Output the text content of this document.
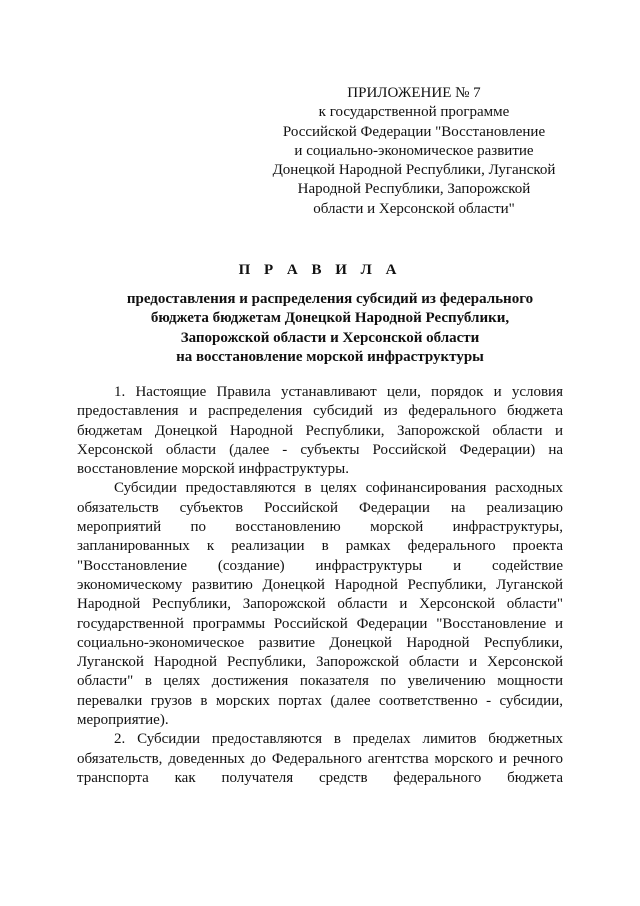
ПРИЛОЖЕНИЕ № 7
к государственной программе
Российской Федерации "Восстановление
и социально-экономическое развитие
Донецкой Народной Республики, Луганской
Народной Республики, Запорожской
области и Херсонской области"
П Р А В И Л А
предоставления и распределения субсидий из федерального
бюджета бюджетам Донецкой Народной Республики,
Запорожской области и Херсонской области
на восстановление морской инфраструктуры
1. Настоящие Правила устанавливают цели, порядок и условия
предоставления и распределения субсидий из федерального бюджета
бюджетам Донецкой Народной Республики, Запорожской области и
Херсонской области (далее - субъекты Российской Федерации) на
восстановление морской инфраструктуры.
Субсидии предоставляются в целях софинансирования расходных
обязательств субъектов Российской Федерации на реализацию
мероприятий по восстановлению морской инфраструктуры,
запланированных к реализации в рамках федерального проекта
"Восстановление (создание) инфраструктуры и содействие
экономическому развитию Донецкой Народной Республики, Луганской
Народной Республики, Запорожской области и Херсонской области"
государственной программы Российской Федерации "Восстановление и
социально-экономическое развитие Донецкой Народной Республики,
Луганской Народной Республики, Запорожской области и Херсонской
области" в целях достижения показателя по увеличению мощности
перевалки грузов в морских портах (далее соответственно - субсидии,
мероприятие).
2. Субсидии предоставляются в пределах лимитов бюджетных
обязательств, доведенных до Федерального агентства морского и речного
транспорта как получателя средств федерального бюджета
